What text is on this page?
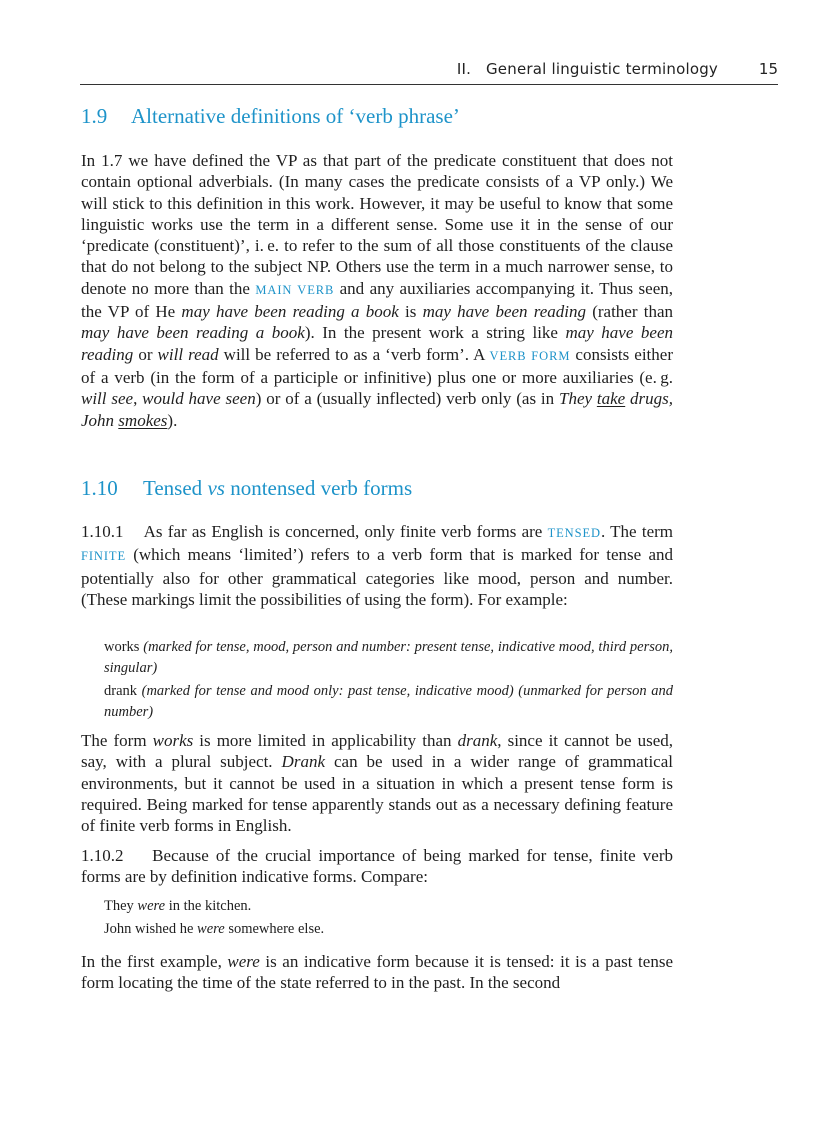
II.   General linguistic terminology	15
1.9 Alternative definitions of ‘verb phrase’

In 1.7 we have defined the VP as that part of the predicate constituent that does not contain optional adverbials. (In many cases the predicate consists of a VP only.) We will stick to this definition in this work. However, it may be useful to know that some linguistic works use the term in a different sense. Some use it in the sense of our ‘predicate (constituent)’, i. e. to refer to the sum of all those constituents of the clause that do not belong to the subject NP. Others use the term in a much narrower sense, to denote no more than the MAIN VERB and any auxiliaries accompanying it. Thus seen, the VP of He may have been reading a book is may have been reading (rather than may have been reading a book). In the present work a string like may have been reading or will read will be referred to as a ‘verb form’. A VERB FORM consists either of a verb (in the form of a participle or infinitive) plus one or more auxiliaries (e. g. will see, would have seen) or of a (usually inflected) verb only (as in They take drugs, John smokes).

1.10 Tensed vs nontensed verb forms

1.10.1 As far as English is concerned, only finite verb forms are TENSED. The term FINITE (which means ‘limited’) refers to a verb form that is marked for tense and potentially also for other grammatical categories like mood, person and number. (These markings limit the possibilities of using the form). For example:

works (marked for tense, mood, person and number: present tense, indicative mood, third person, singular)

drank (marked for tense and mood only: past tense, indicative mood) (unmarked for person and number)

The form works is more limited in applicability than drank, since it cannot be used, say, with a plural subject. Drank can be used in a wider range of grammatical environments, but it cannot be used in a situation in which a present tense form is required. Being marked for tense apparently stands out as a necessary defining feature of finite verb forms in English.

1.10.2 Because of the crucial importance of being marked for tense, finite verb forms are by definition indicative forms. Compare:

They were in the kitchen.

John wished he were somewhere else.

In the first example, were is an indicative form because it is tensed: it is a past tense form locating the time of the state referred to in the past. In the second
